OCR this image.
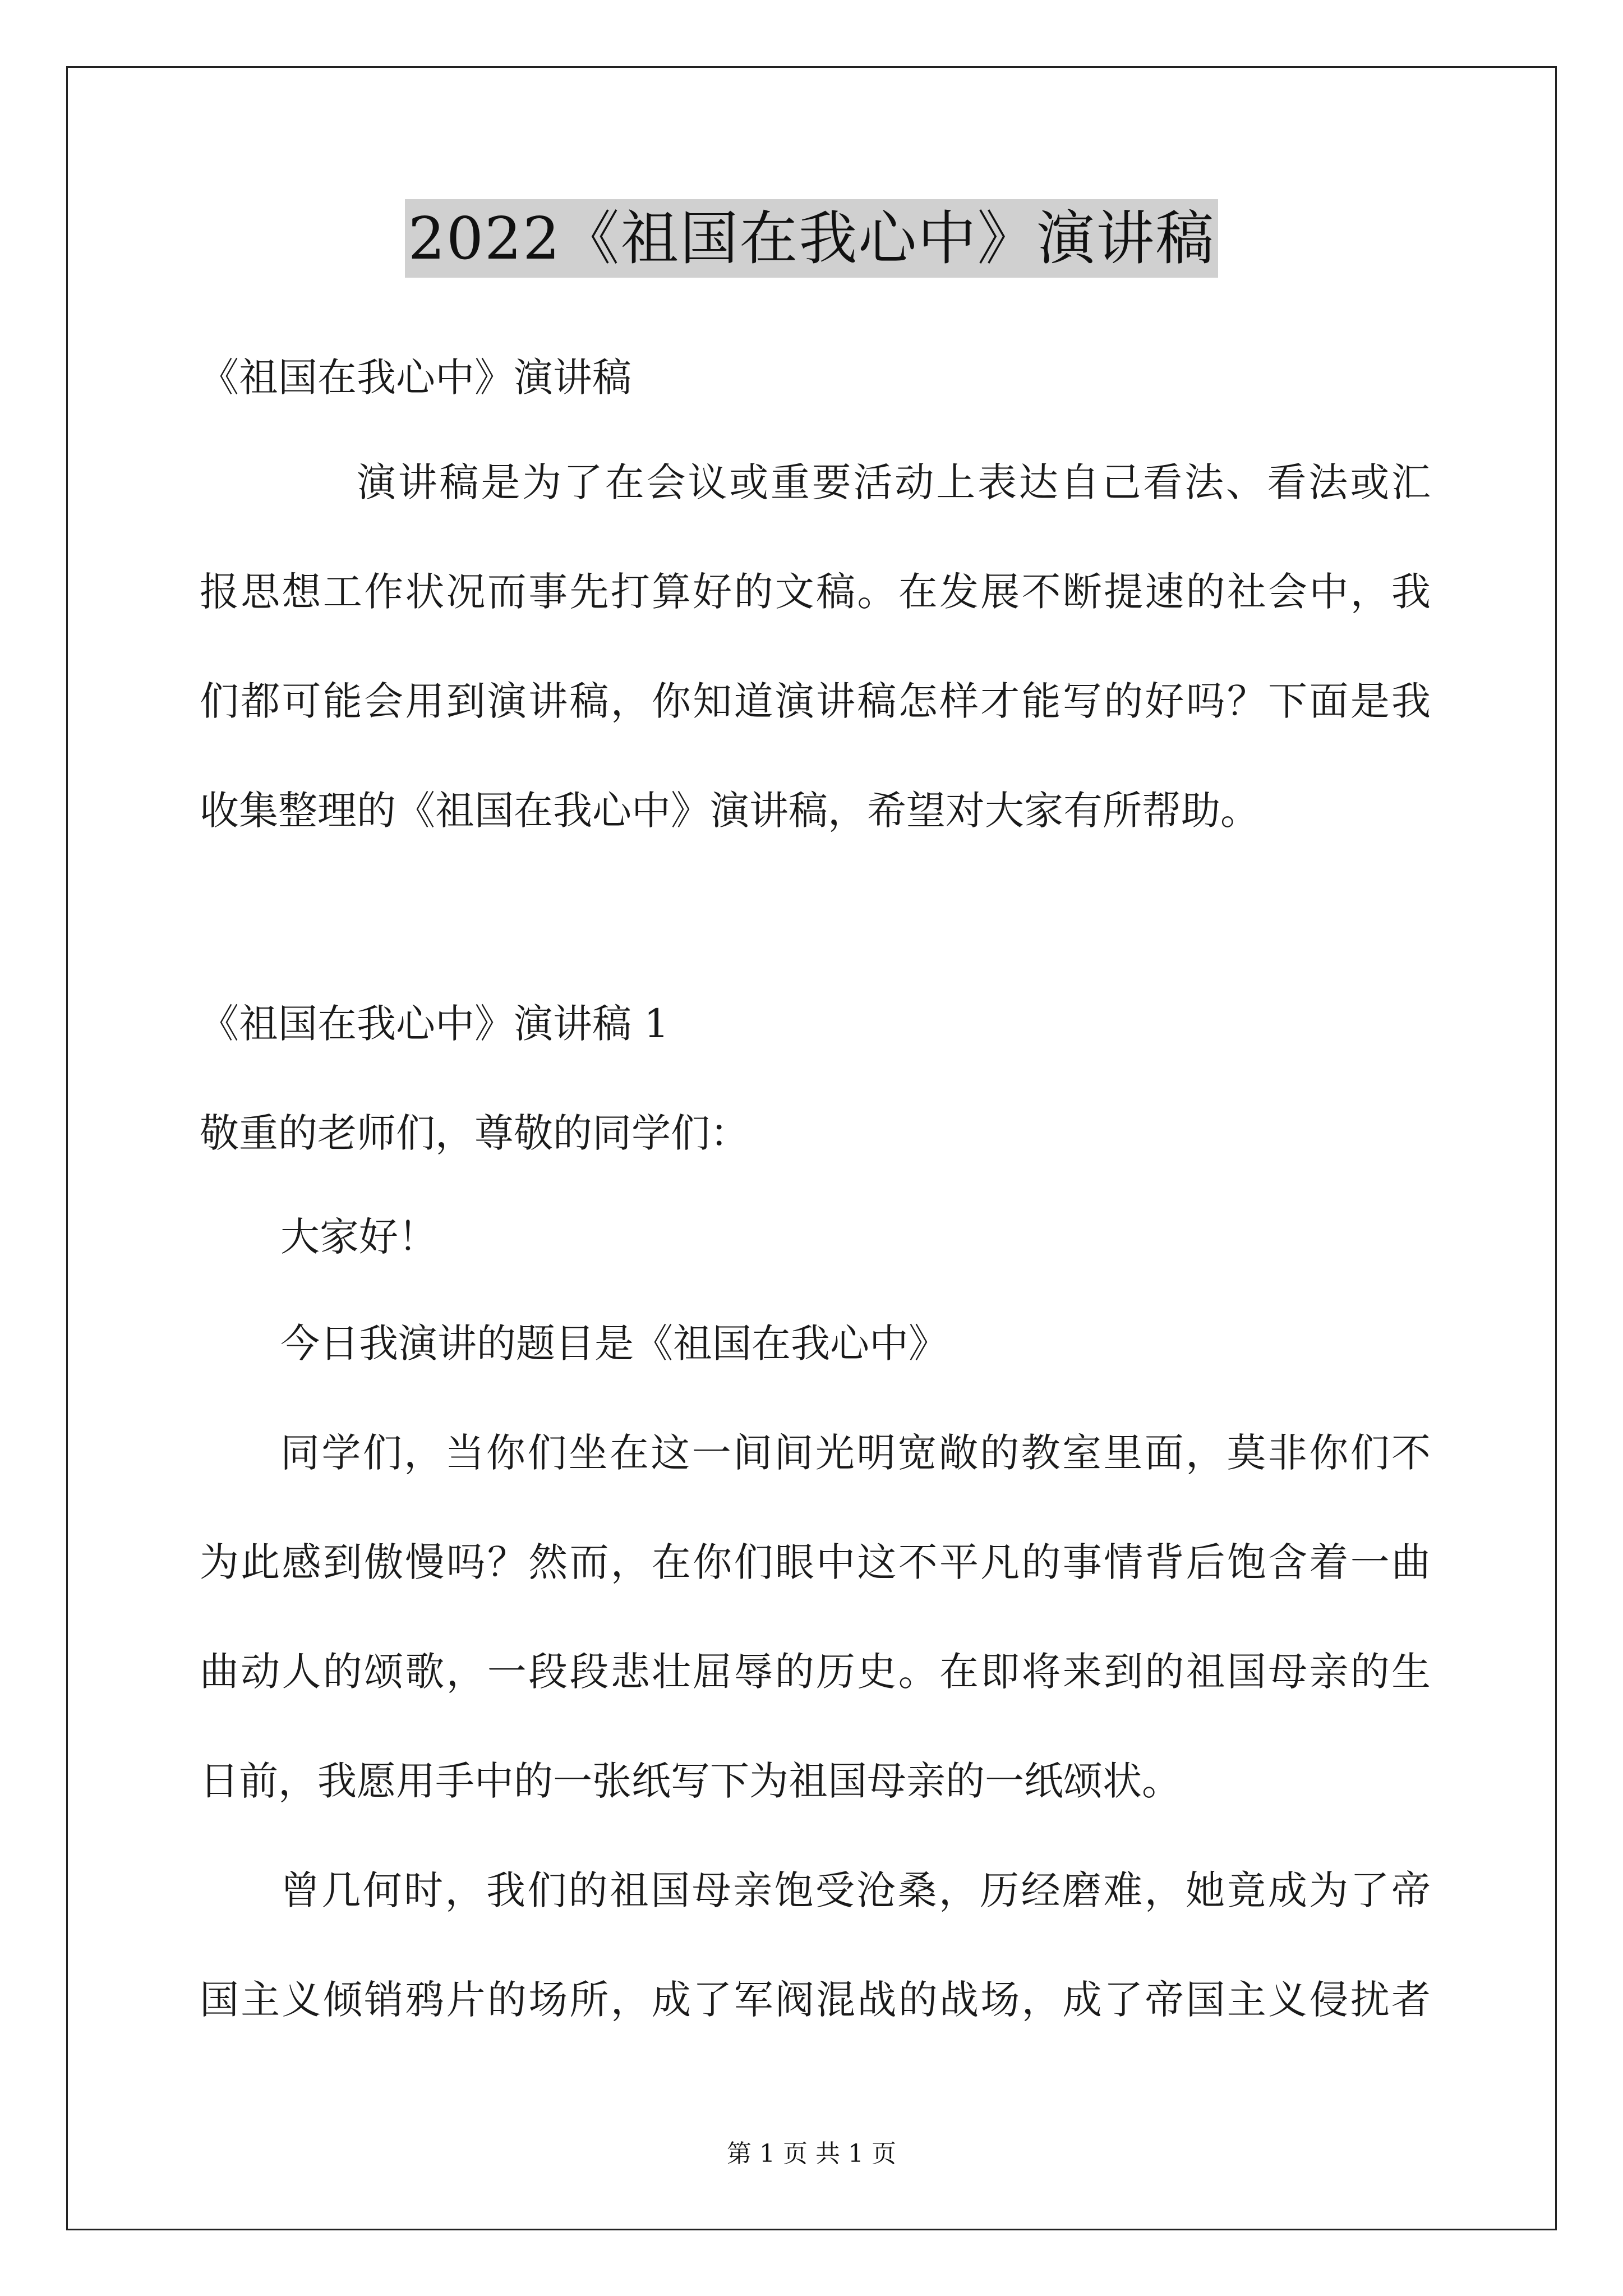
2022《祖国在我心中》演讲稿
《祖国在我心中》演讲稿
演讲稿是为了在会议或重要活动上表达自己看法、看法或汇
报思想工作状况而事先打算好的文稿。在发展不断提速的社会中，我
们都可能会用到演讲稿，你知道演讲稿怎样才能写的好吗？下面是我
收集整理的《祖国在我心中》演讲稿，希望对大家有所帮助。
《祖国在我心中》演讲稿 1
敬重的老师们，尊敬的同学们：
大家好！
今日我演讲的题目是《祖国在我心中》
同学们，当你们坐在这一间间光明宽敞的教室里面，莫非你们不
为此感到傲慢吗？然而，在你们眼中这不平凡的事情背后饱含着一曲
曲动人的颂歌，一段段悲壮屈辱的历史。在即将来到的祖国母亲的生
日前，我愿用手中的一张纸写下为祖国母亲的一纸颂状。
曾几何时，我们的祖国母亲饱受沧桑，历经磨难，她竟成为了帝
国主义倾销鸦片的场所，成了军阀混战的战场，成了帝国主义侵扰者
第 1 页 共 1 页
